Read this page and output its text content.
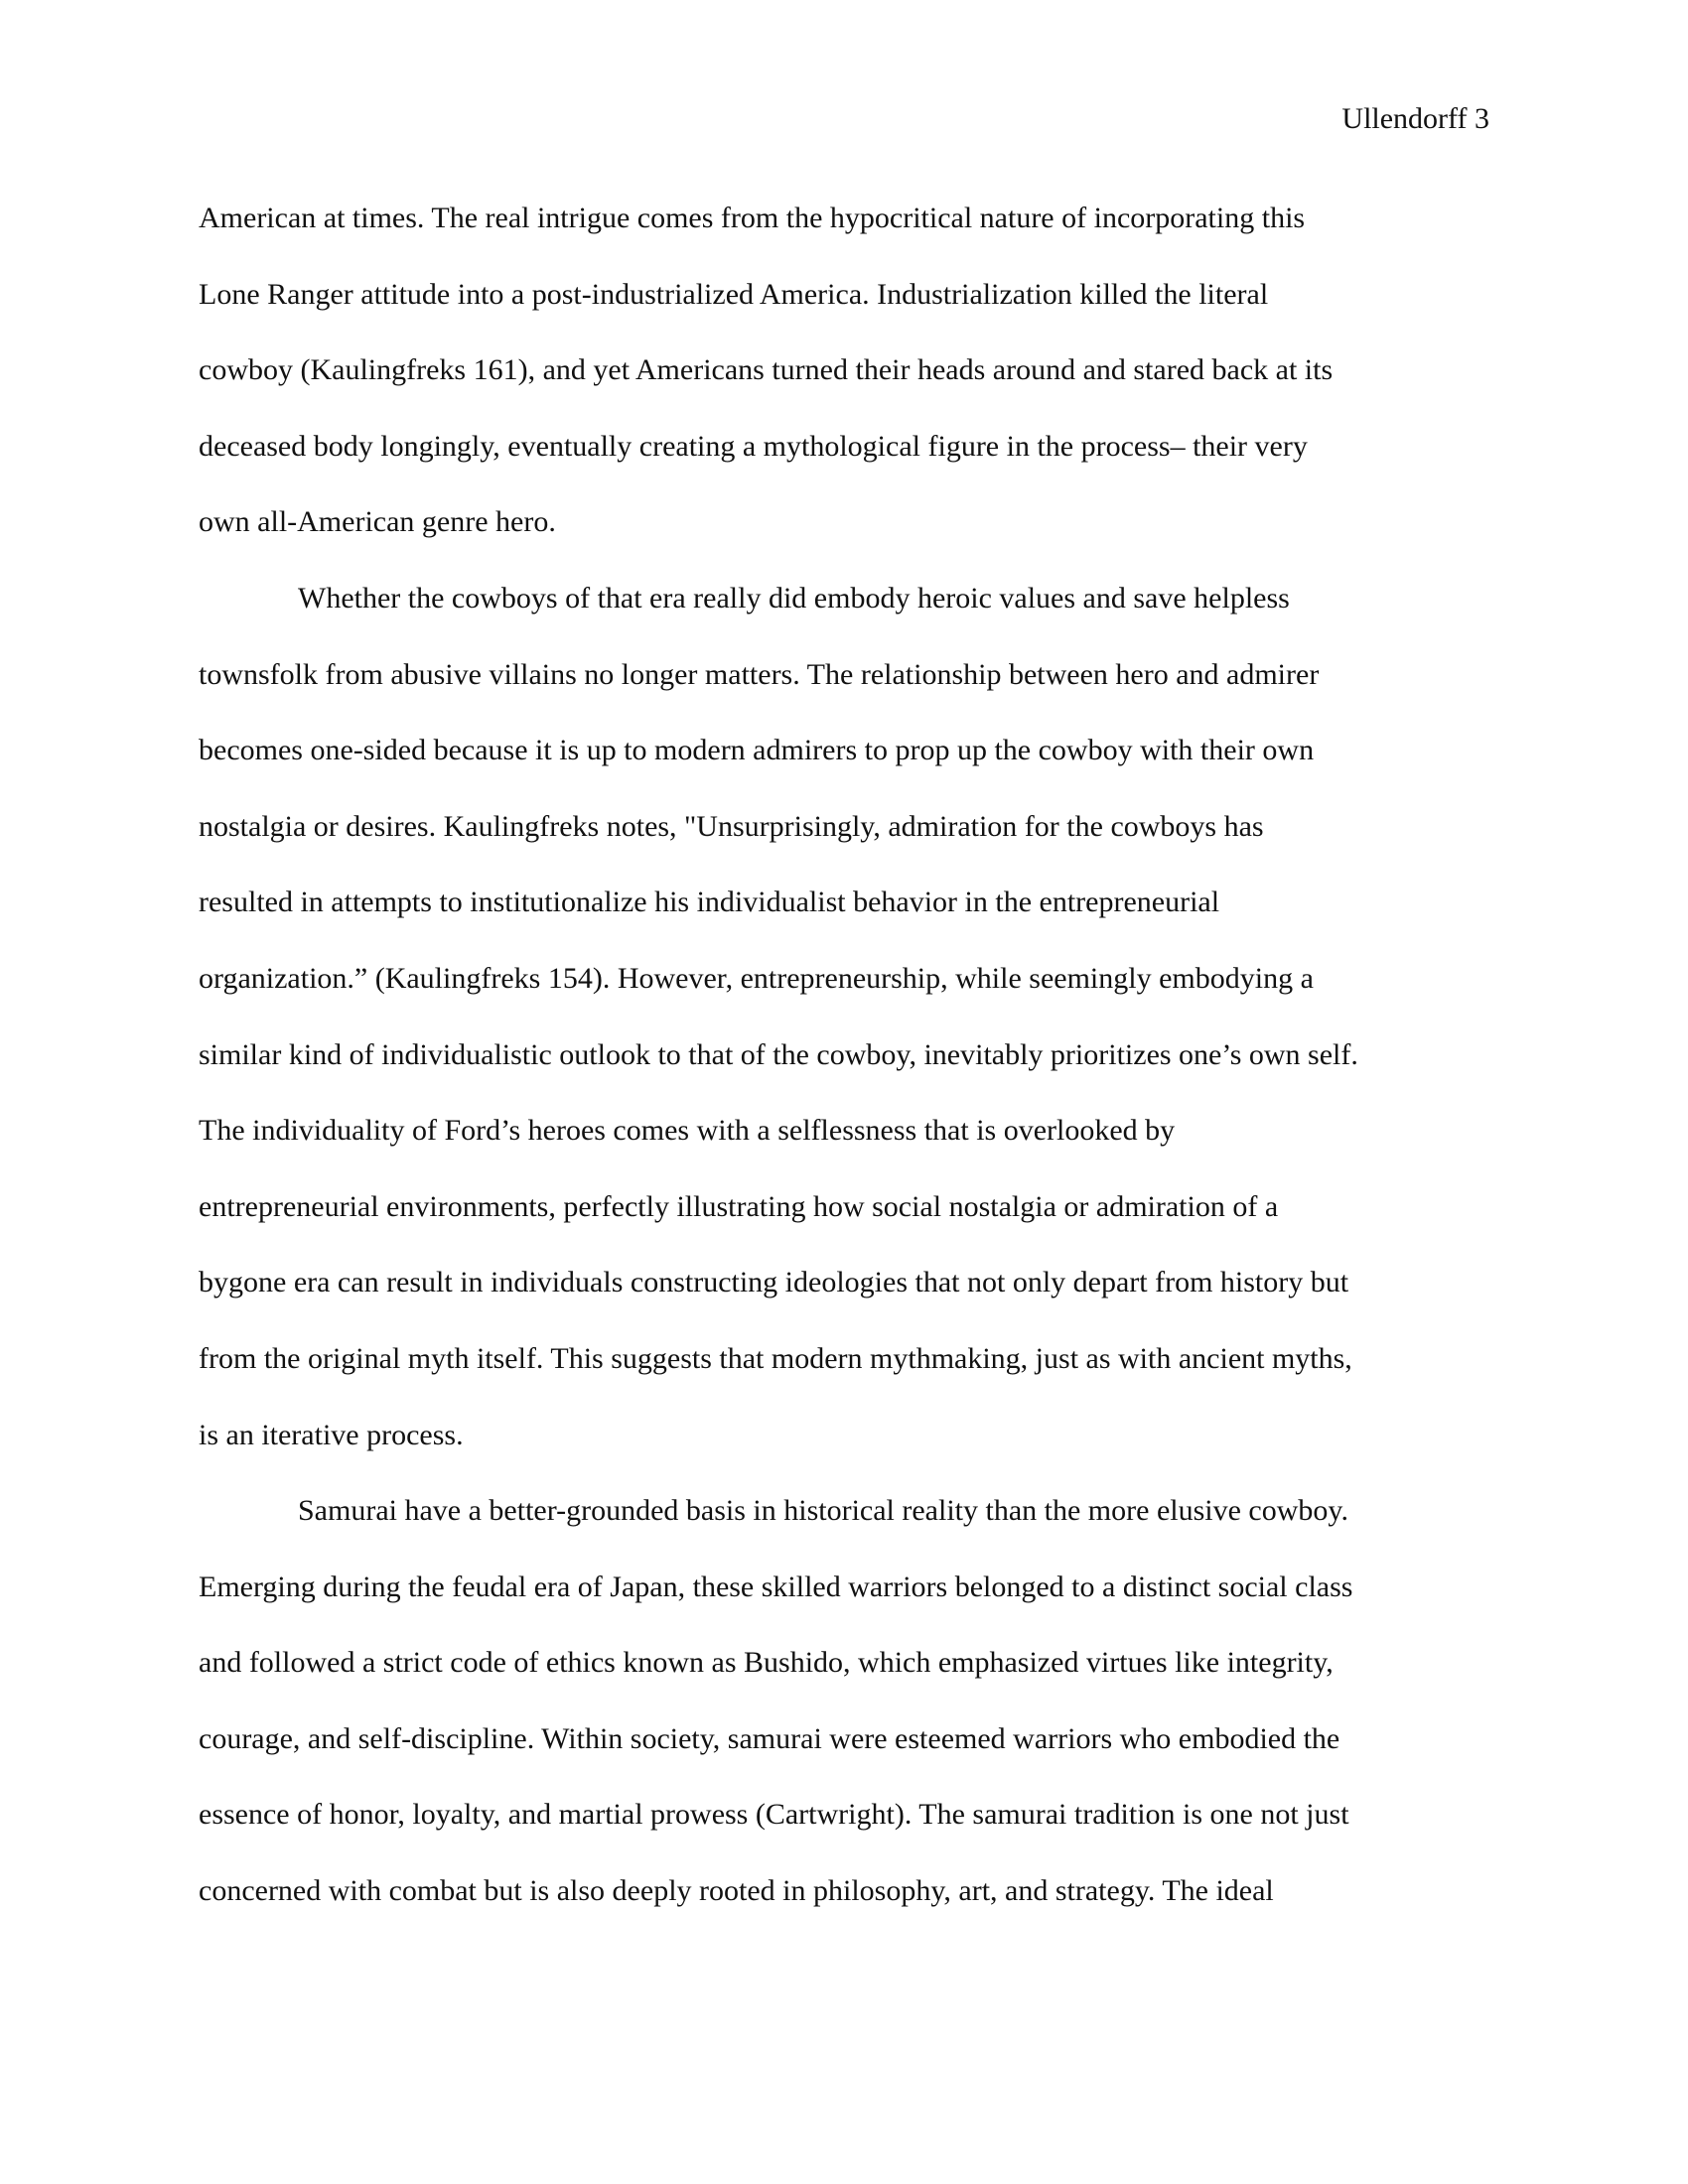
Ullendorff 3
American at times. The real intrigue comes from the hypocritical nature of incorporating this
Lone Ranger attitude into a post-industrialized America. Industrialization killed the literal
cowboy (Kaulingfreks 161), and yet Americans turned their heads around and stared back at its
deceased body longingly, eventually creating a mythological figure in the process– their very
own all-American genre hero.
Whether the cowboys of that era really did embody heroic values and save helpless
townsfolk from abusive villains no longer matters. The relationship between hero and admirer
becomes one-sided because it is up to modern admirers to prop up the cowboy with their own
nostalgia or desires. Kaulingfreks notes, "Unsurprisingly, admiration for the cowboys has
resulted in attempts to institutionalize his individualist behavior in the entrepreneurial
organization.” (Kaulingfreks 154). However, entrepreneurship, while seemingly embodying a
similar kind of individualistic outlook to that of the cowboy, inevitably prioritizes one’s own self.
The individuality of Ford’s heroes comes with a selflessness that is overlooked by
entrepreneurial environments, perfectly illustrating how social nostalgia or admiration of a
bygone era can result in individuals constructing ideologies that not only depart from history but
from the original myth itself. This suggests that modern mythmaking, just as with ancient myths,
is an iterative process.
Samurai have a better-grounded basis in historical reality than the more elusive cowboy.
Emerging during the feudal era of Japan, these skilled warriors belonged to a distinct social class
and followed a strict code of ethics known as Bushido, which emphasized virtues like integrity,
courage, and self-discipline. Within society, samurai were esteemed warriors who embodied the
essence of honor, loyalty, and martial prowess (Cartwright). The samurai tradition is one not just
concerned with combat but is also deeply rooted in philosophy, art, and strategy. The ideal
